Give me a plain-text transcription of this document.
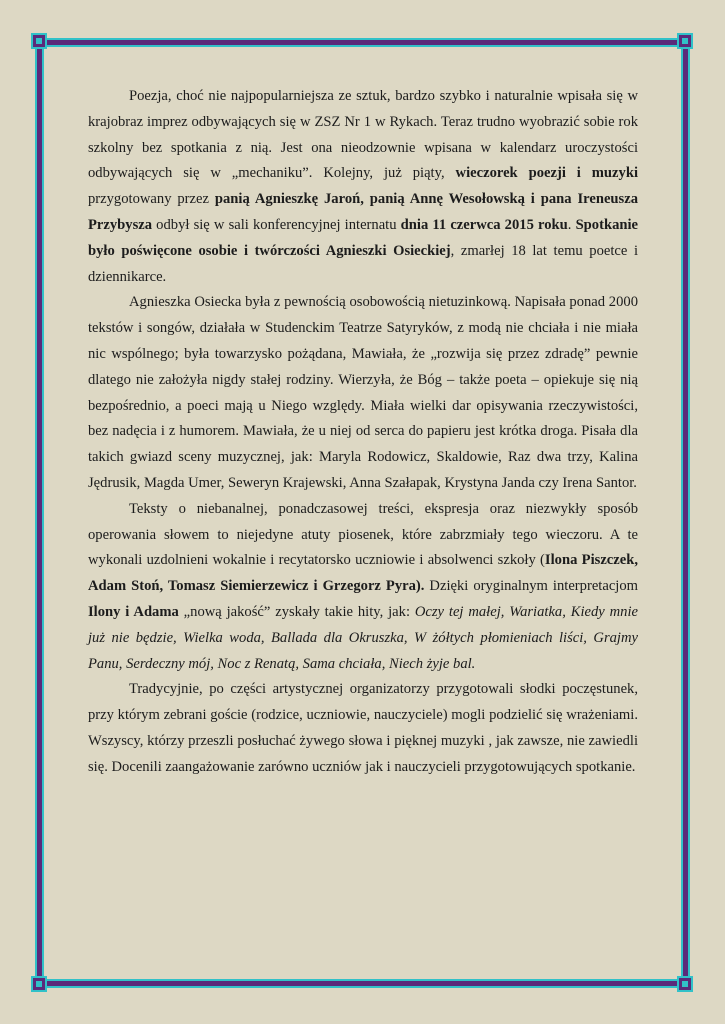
Poezja, choć nie najpopularniejsza ze sztuk, bardzo szybko i naturalnie wpisała się w krajobraz imprez odbywających się w ZSZ Nr 1 w Rykach. Teraz trudno wyobrazić sobie rok szkolny bez spotkania z nią. Jest ona nieodzownie wpisana w kalendarz uroczystości odbywających się w „mechaniku”. Kolejny, już piąty, wieczorek poezji i muzyki przygotowany przez panią Agnieszkę Jaroń, panią Annę Wesołowską i pana Ireneusza Przybysza odbył się w sali konferencyjnej internatu dnia 11 czerwca 2015 roku. Spotkanie było poświęcone osobie i twórczości Agnieszki Osieckiej, zmarłej 18 lat temu poetce i dziennikarce.

Agnieszka Osiecka była z pewnością osobowością nietuzinkową. Napisała ponad 2000 tekstów i songów, działała w Studenckim Teatrze Satyryków, z modą nie chciała i nie miała nic wspólnego; była towarzysko pożądana, Mawiała, że „rozwija się przez zdradę” pewnie dlatego nie założyła nigdy stałej rodziny. Wierzyła, że Bóg – także poeta – opiekuje się nią bezpośrednio, a poeci mają u Niego względy. Miała wielki dar opisywania rzeczywistości, bez nadęcia i z humorem. Mawiała, że u niej od serca do papieru jest krótka droga. Pisała dla takich gwiazd sceny muzycznej, jak: Maryla Rodowicz, Skaldowie, Raz dwa trzy, Kalina Jędrusik, Magda Umer, Seweryn Krajewski, Anna Szałapak, Krystyna Janda czy Irena Santor.

Teksty o niebanalnej, ponadczasowej treści, ekspresja oraz niezwykły sposób operowania słowem to niejedyne atuty piosenek, które zabrzmiały tego wieczoru. A te wykonali uzdolnieni wokalnie i recytatorsko uczniowie i absolwenci szkoły (Ilona Piszczek, Adam Stoń, Tomasz Siemierzewicz i Grzegorz Pyra). Dzięki oryginalnym interpretacjom Ilony i Adama „nową jakość” zyskały takie hity, jak: Oczy tej małej, Wariatka, Kiedy mnie już nie będzie, Wielka woda, Ballada dla Okruszka, W żółtych płomieniach liści, Grajmy Panu, Serdeczny mój, Noc z Renatą, Sama chciała, Niech żyje bal.

Tradycyjnie, po części artystycznej organizatorzy przygotowali słodki poczęstunek, przy którym zebrani goście (rodzice, uczniowie, nauczyciele) mogli podzielić się wrażeniami. Wszyscy, którzy przeszli posłuchać żywego słowa i pięknej muzyki , jak zawsze, nie zawiedli się. Docenili zaangażowanie zarówno uczniów jak i nauczycieli przygotowujących spotkanie.
